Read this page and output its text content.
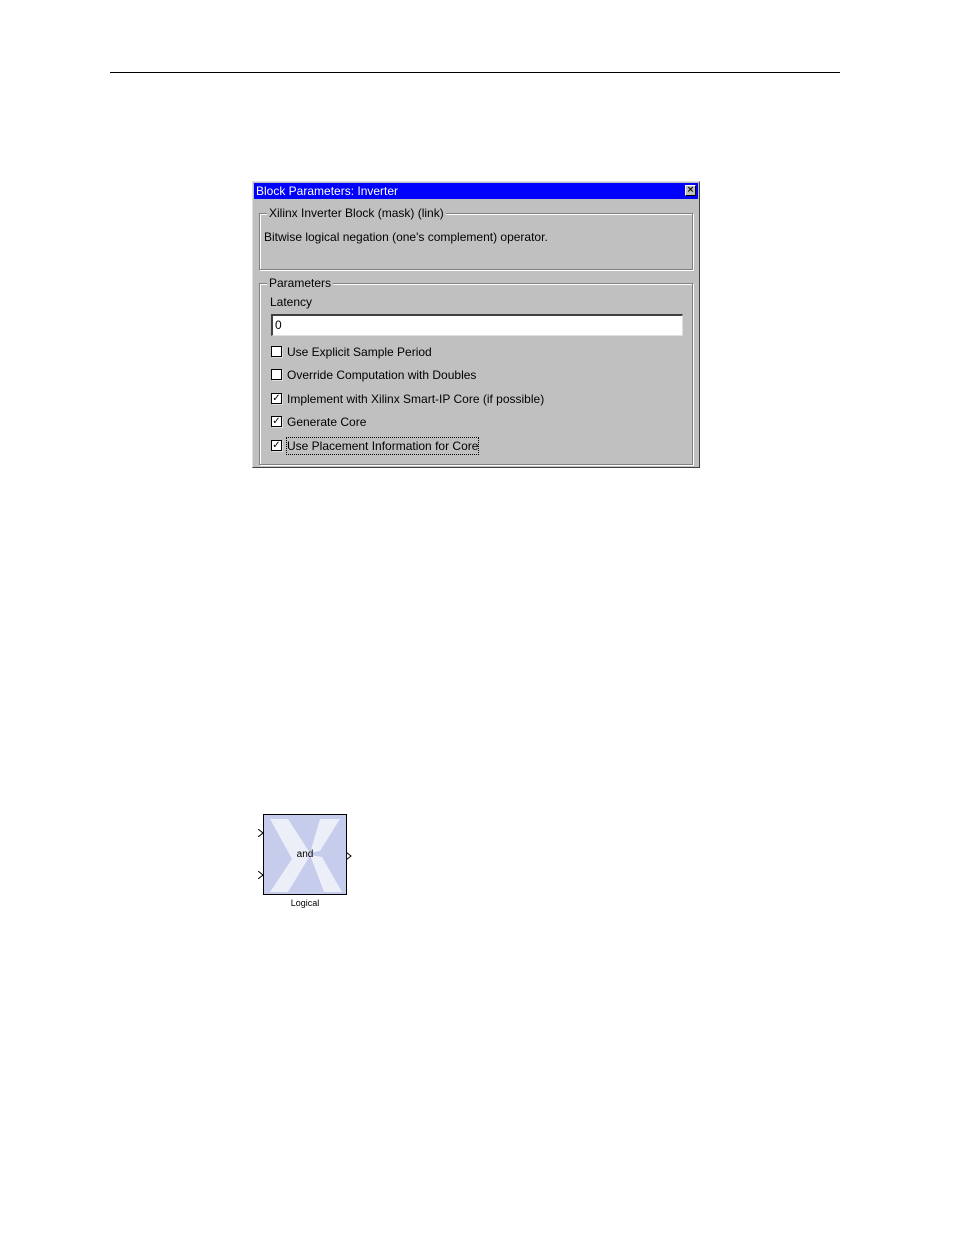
Block Parameters: Inverter	×
Xilinx Inverter Block (mask) (link)
Bitwise logical negation (one's complement) operator.
Parameters
Latency
0
Use Explicit Sample Period
Override Computation with Doubles
✓ Implement with Xilinx Smart-IP Core (if possible)
✓ Generate Core
✓ Use Placement Information for Core
and
Logical
